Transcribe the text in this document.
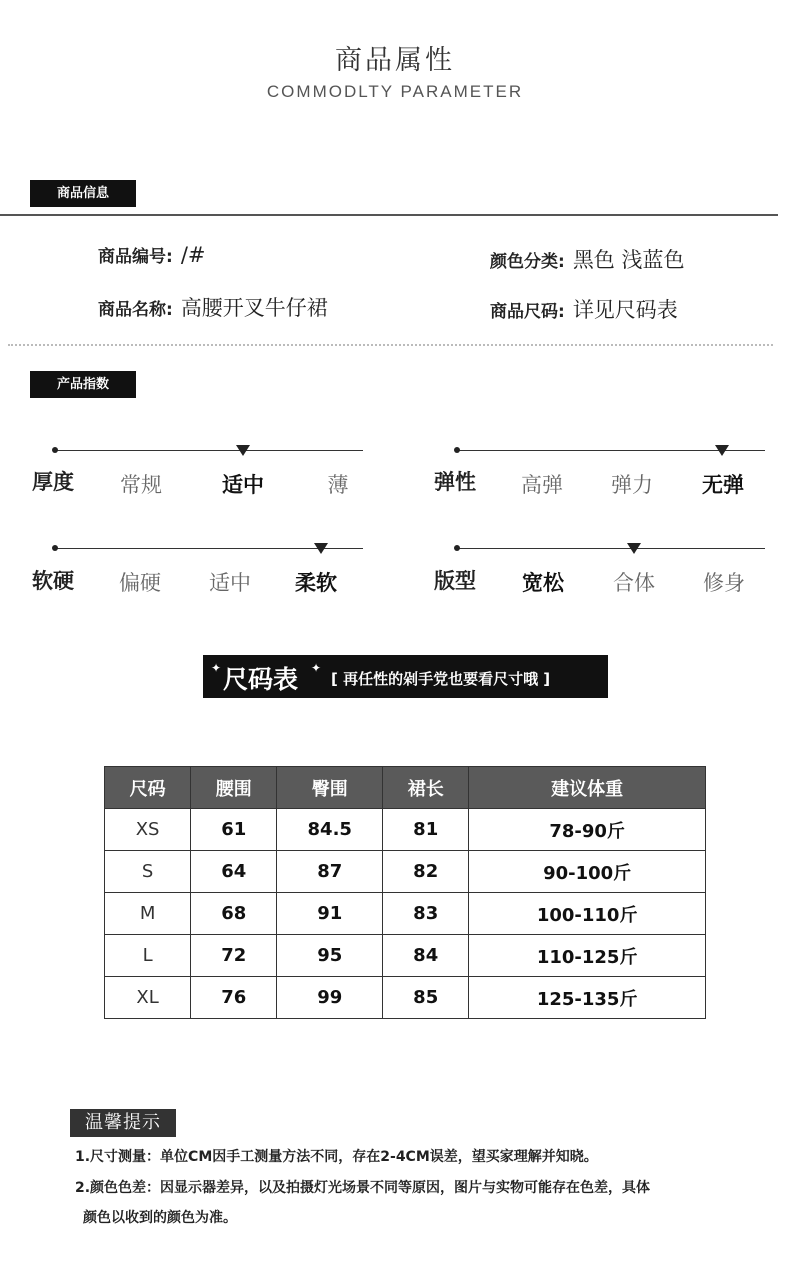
商品属性
COMMODLTY PARAMETER
商品信息
商品编号: /#	颜色分类: 黑色 浅蓝色
商品名称: 高腰开叉牛仔裙	商品尺码: 详见尺码表
产品指数
厚度	常规	适中	薄	弹性	高弹	弹力	无弹
软硬	偏硬	适中	柔软	版型	宽松	合体	修身
✦ 尺码表 ✦
[ 再任性的剁手党也要看尺寸哦 ]
尺码	腰围	臀围	裙长	建议体重
XS	61	84.5	81	78-90斤
S	64	87	82	90-100斤
M	68	91	83	100-110斤
L	72	95	84	110-125斤
XL	76	99	85	125-135斤
温馨提示
1.尺寸测量：单位CM因手工测量方法不同，存在2-4CM误差，望买家理解并知晓。
2.颜色色差：因显示器差异，以及拍摄灯光场景不同等原因，图片与实物可能存在色差，具体
颜色以收到的颜色为准。
